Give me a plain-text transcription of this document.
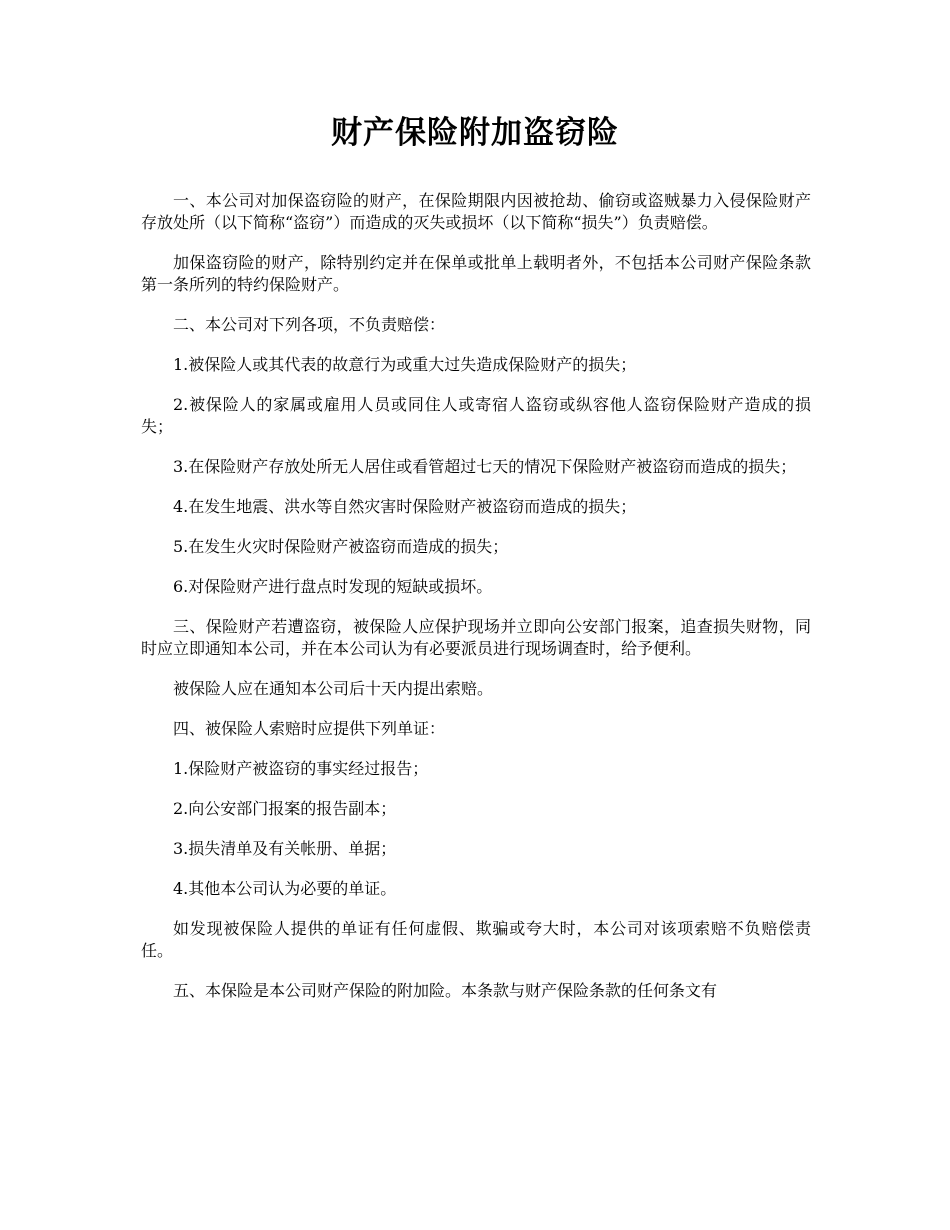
财产保险附加盗窃险

一、本公司对加保盗窃险的财产，在保险期限内因被抢劫、偷窃或盗贼暴力入侵保险财产存放处所（以下简称“盗窃”）而造成的灭失或损坏（以下简称“损失”）负责赔偿。

加保盗窃险的财产，除特别约定并在保单或批单上载明者外，不包括本公司财产保险条款第一条所列的特约保险财产。

二、本公司对下列各项，不负责赔偿：

1.被保险人或其代表的故意行为或重大过失造成保险财产的损失；

2.被保险人的家属或雇用人员或同住人或寄宿人盗窃或纵容他人盗窃保险财产造成的损失；

3.在保险财产存放处所无人居住或看管超过七天的情况下保险财产被盗窃而造成的损失；

4.在发生地震、洪水等自然灾害时保险财产被盗窃而造成的损失；

5.在发生火灾时保险财产被盗窃而造成的损失；

6.对保险财产进行盘点时发现的短缺或损坏。

三、保险财产若遭盗窃，被保险人应保护现场并立即向公安部门报案，追查损失财物，同时应立即通知本公司，并在本公司认为有必要派员进行现场调查时，给予便利。

被保险人应在通知本公司后十天内提出索赔。

四、被保险人索赔时应提供下列单证：

1.保险财产被盗窃的事实经过报告；

2.向公安部门报案的报告副本；

3.损失清单及有关帐册、单据；

4.其他本公司认为必要的单证。

如发现被保险人提供的单证有任何虚假、欺骗或夸大时，本公司对该项索赔不负赔偿责任。

五、本保险是本公司财产保险的附加险。本条款与财产保险条款的任何条文有
